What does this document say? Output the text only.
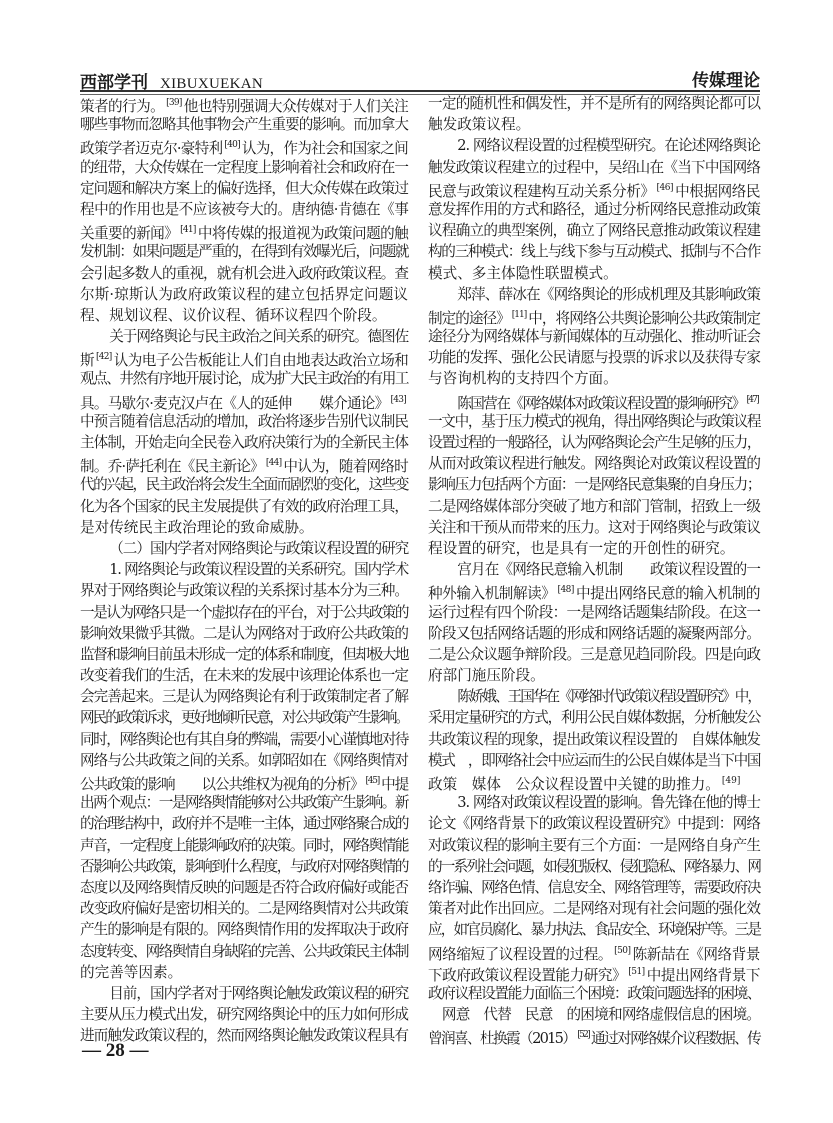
西部学刊 XIBUXUEKAN	传媒理论
策者的行为。 [39] 他也特别强调大众传媒对于人们关注
哪些事物而忽略其他事物会产生重要的影响。而加拿大
政策学者迈克尔·豪特利 [40] 认为，作为社会和国家之间
的纽带，大众传媒在一定程度上影响着社会和政府在一
定问题和解决方案上的偏好选择，但大众传媒在政策过
程中的作用也是不应该被夸大的。唐纳德·肯德在《事
关重要的新闻》 [41] 中将传媒的报道视为政策问题的触
发机制：如果问题是严重的，在得到有效曝光后，问题就
会引起多数人的重视，就有机会进入政府政策议程。查
尔斯·琼斯认为政府政策议程的建立包括界定问题议
程、规划议程、议价议程、循环议程四个阶段。
关于网络舆论与民主政治之间关系的研究。德图佐
斯 [42] 认为电子公告板能让人们自由地表达政治立场和
观点、井然有序地开展讨论，成为扩大民主政治的有用工
具。马歇尔·麦克汉卢在《人的延伸　　媒介通论》 [43]
中预言随着信息活动的增加，政治将逐步告别代议制民
主体制，开始走向全民卷入政府决策行为的全新民主体
制。乔·萨托利在《民主新论》 [44] 中认为，随着网络时
代的兴起，民主政治将会发生全面而剧烈的变化，这些变
化为各个国家的民主发展提供了有效的政府治理工具，
是对传统民主政治理论的致命威胁。
（二）国内学者对网络舆论与政策议程设置的研究
1. 网络舆论与政策议程设置的关系研究。国内学术
界对于网络舆论与政策议程的关系探讨基本分为三种。
一是认为网络只是一个虚拟存在的平台，对于公共政策的
影响效果微乎其微。二是认为网络对于政府公共政策的
监督和影响目前虽未形成一定的体系和制度，但却极大地
改变着我们的生活，在未来的发展中该理论体系也一定
会完善起来。三是认为网络舆论有利于政策制定者了解
网民的政策诉求，更好地倾听民意，对公共政策产生影响。
同时，网络舆论也有其自身的弊端，需要小心谨慎地对待
网络与公共政策之间的关系。如郭昭如在《网络舆情对
公共政策的影响　　以公共维权为视角的分析》 [45] 中提
出两个观点：一是网络舆情能够对公共政策产生影响。新
的治理结构中，政府并不是唯一主体，通过网络聚合成的
声音，一定程度上能影响政府的决策。同时，网络舆情能
否影响公共政策，影响到什么程度，与政府对网络舆情的
态度以及网络舆情反映的问题是否符合政府偏好或能否
改变政府偏好是密切相关的。二是网络舆情对公共政策
产生的影响是有限的。网络舆情作用的发挥取决于政府
态度转变、网络舆情自身缺陷的完善、公共政策民主体制
的完善等因素。
目前，国内学者对于网络舆论触发政策议程的研究
主要从压力模式出发，研究网络舆论中的压力如何形成
进而触发政策议程的，然而网络舆论触发政策议程具有
一定的随机性和偶发性，并不是所有的网络舆论都可以
触发政策议程。
2. 网络议程设置的过程模型研究。在论述网络舆论
触发政策议程建立的过程中，吴绍山在《当下中国网络
民意与政策议程建构互动关系分析》 [46] 中根据网络民
意发挥作用的方式和路径，通过分析网络民意推动政策
议程确立的典型案例，确立了网络民意推动政策议程建
构的三种模式：线上与线下参与互动模式、抵制与不合作
模式、多主体隐性联盟模式。
郑萍、薛冰在《网络舆论的形成机理及其影响政策
制定的途径》 [11] 中，将网络公共舆论影响公共政策制定
途径分为网络媒体与新闻媒体的互动强化、推动听证会
功能的发挥、强化公民请愿与投票的诉求以及获得专家
与咨询机构的支持四个方面。
陈国营在《网络媒体对政策议程设置的影响研究》 [47]
一文中，基于压力模式的视角，得出网络舆论与政策议程
设置过程的一般路径，认为网络舆论会产生足够的压力，
从而对政策议程进行触发。网络舆论对政策议程设置的
影响压力包括两个方面：一是网络民意集聚的自身压力；
二是网络媒体部分突破了地方和部门管制，招致上一级
关注和干预从而带来的压力。这对于网络舆论与政策议
程设置的研究，也是具有一定的开创性的研究。
宫月在《网络民意输入机制　　政策议程设置的一
种外输入机制解读》 [48] 中提出网络民意的输入机制的
运行过程有四个阶段：一是网络话题集结阶段。在这一
阶段又包括网络话题的形成和网络话题的凝聚两部分。
二是公众议题争辩阶段。三是意见趋同阶段。四是向政
府部门施压阶段。
陈娇娥、王国华在《网络时代政策议程设置研究》中，
采用定量研究的方式，利用公民自媒体数据，分析触发公
共政策议程的现象，提出政策议程设置的　自媒体触发
模式　，即网络社会中应运而生的公民自媒体是当下中国
政策　媒体　公众议程设置中关键的助推力。 [49]
3. 网络对政策议程设置的影响。鲁先锋在他的博士
论文《网络背景下的政策议程设置研究》中提到：网络
对政策议程的影响主要有三个方面：一是网络自身产生
的一系列社会问题，如侵犯版权、侵犯隐私、网络暴力、网
络诈骗、网络色情、信息安全、网络管理等，需要政府决
策者对此作出回应。二是网络对现有社会问题的强化效
应，如官员腐化、暴力执法、食品安全、环境保护等。三是
网络缩短了议程设置的过程。 [50] 陈新喆在《网络背景
下政府政策议程设置能力研究》 [51] 中提出网络背景下
政府议程设置能力面临三个困境：政策问题选择的困境、
　网意　代替　民意　的困境和网络虚假信息的困境。
曾润喜、杜换霞（2015） [52] 通过对网络媒介议程数据、传
— 28 —
